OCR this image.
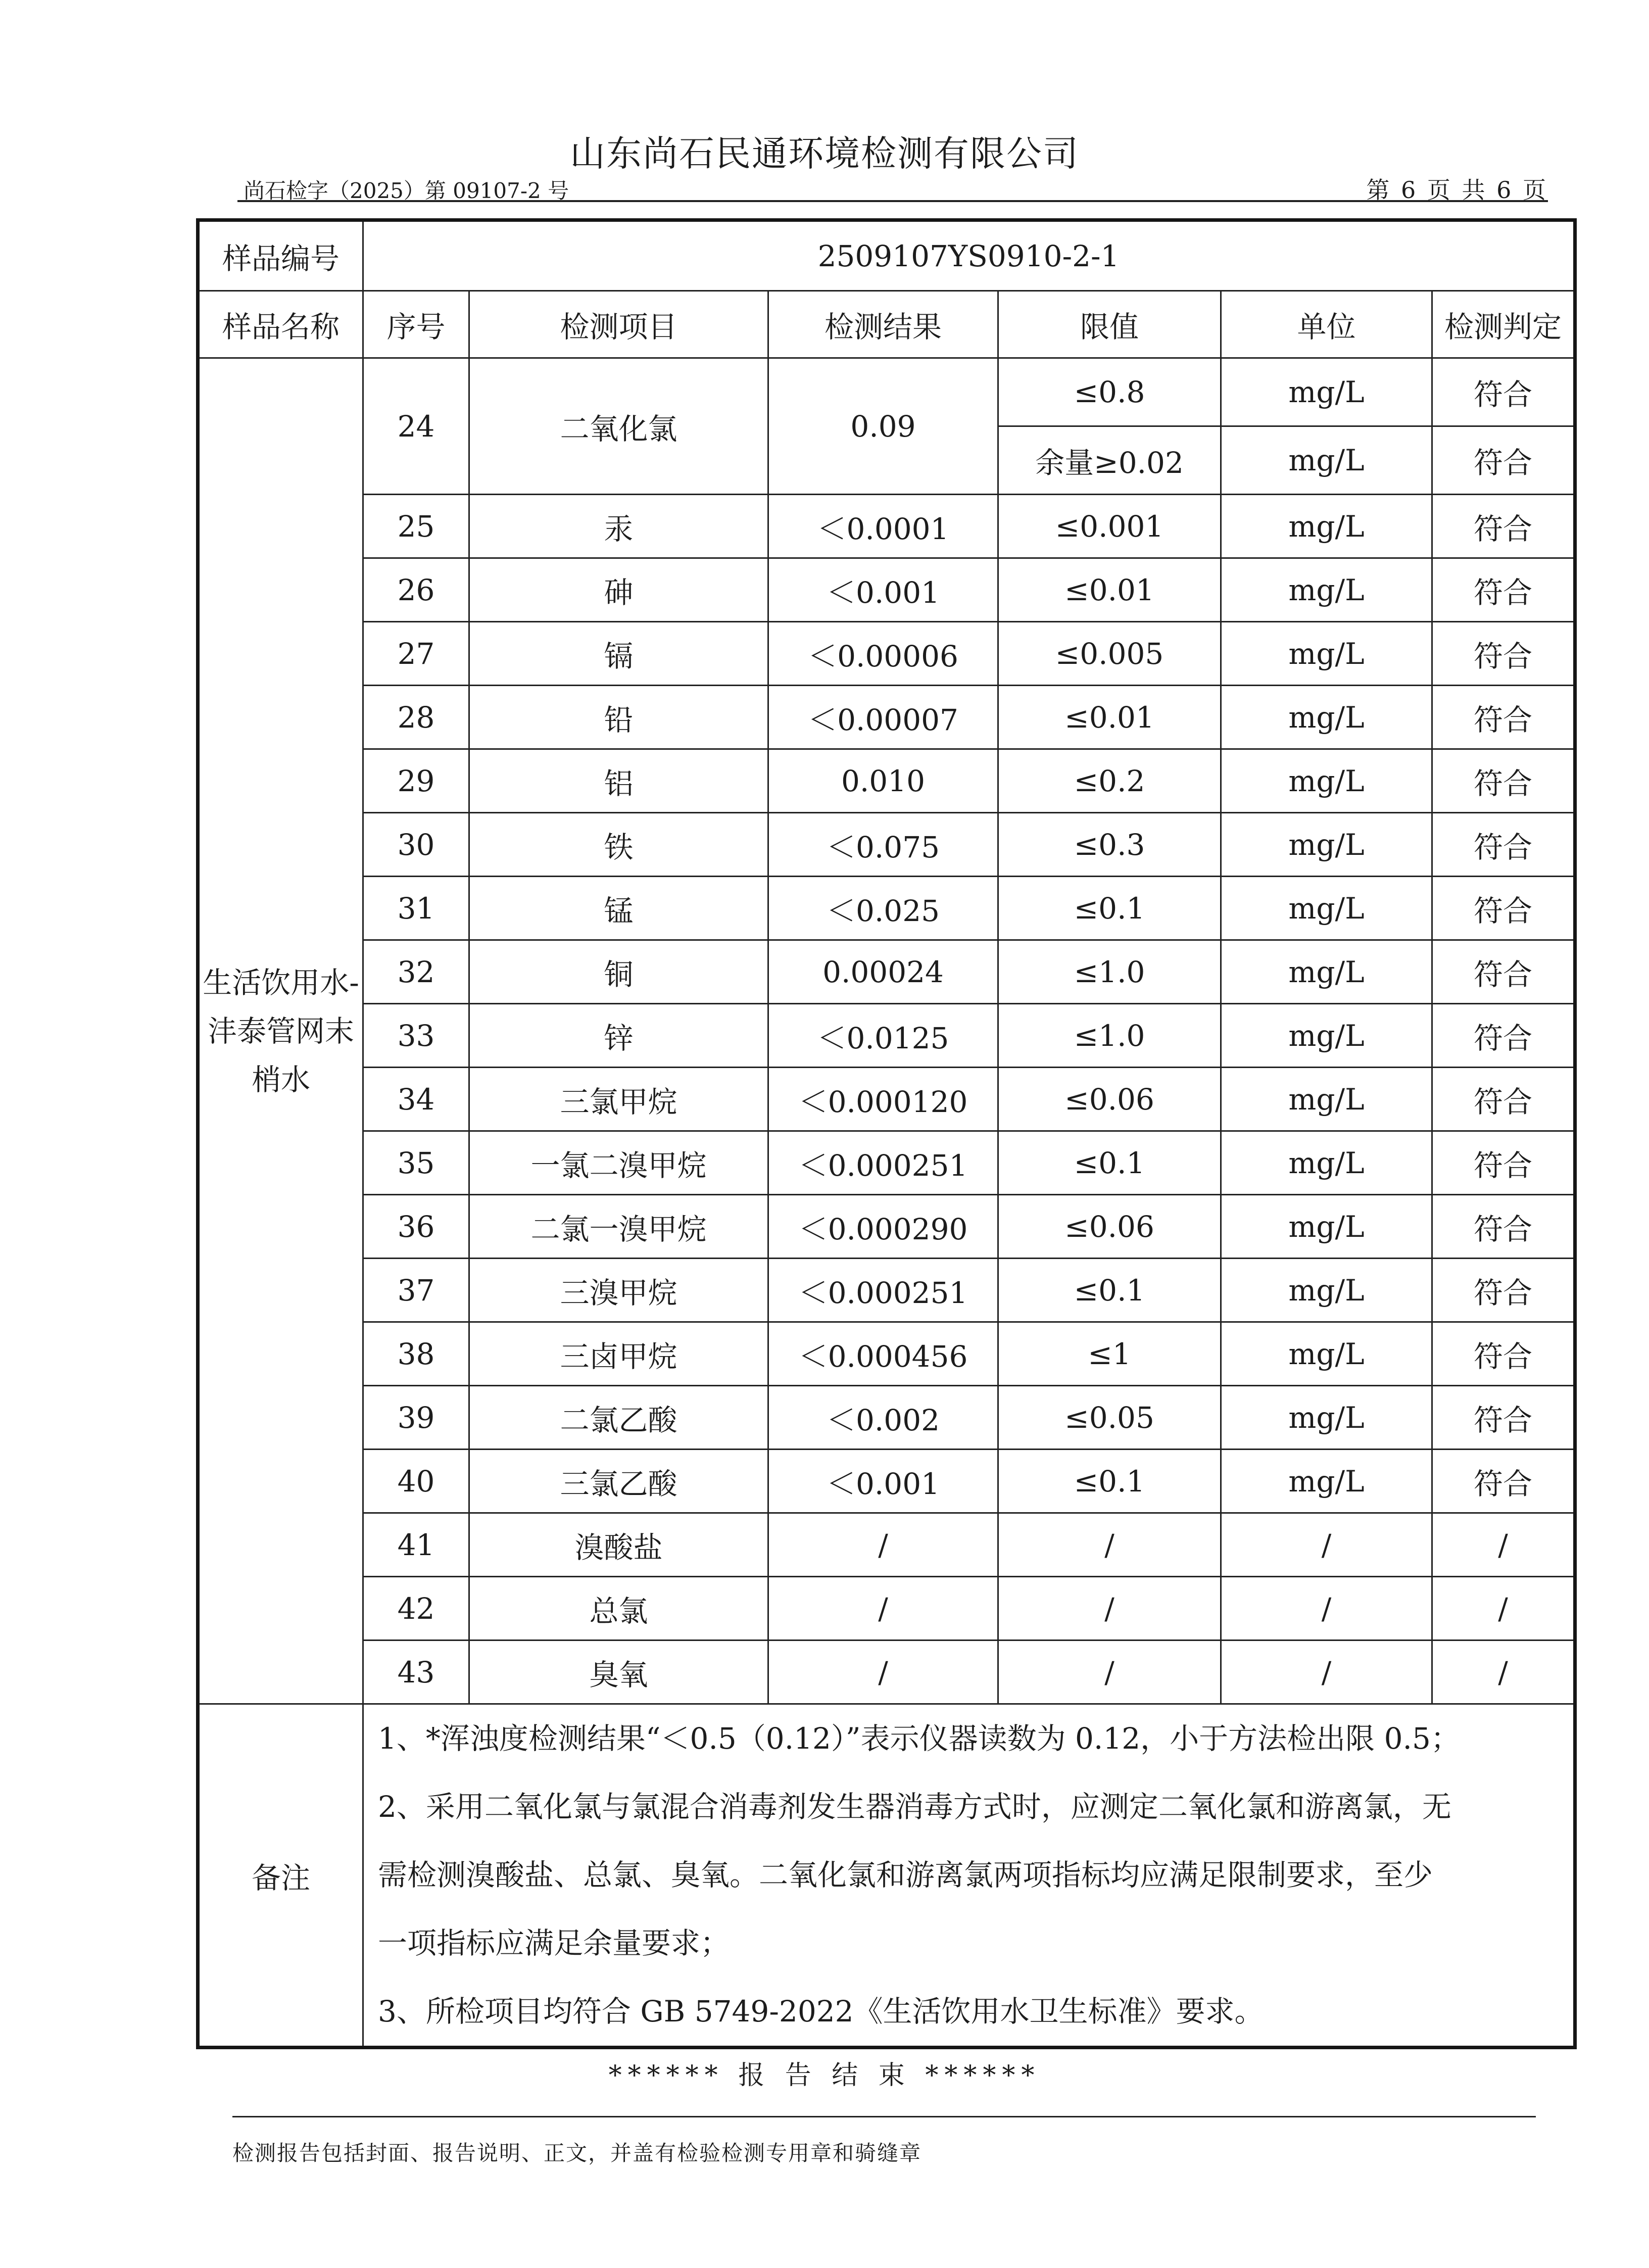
山东尚石民通环境检测有限公司
尚石检字（2025）第 09107-2 号	第 6 页 共 6 页
样品编号	2509107YS0910-2-1					
样品名称	序号	检测项目	检测结果	限值	单位	检测判定
生活饮用水-沣泰管网末梢水	24	二氧化氯	0.09	≤0.8	mg/L	符合
				余量≥0.02	mg/L	符合
	25	汞	＜0.0001	≤0.001	mg/L	符合
	26	砷	＜0.001	≤0.01	mg/L	符合
	27	镉	＜0.00006	≤0.005	mg/L	符合
	28	铅	＜0.00007	≤0.01	mg/L	符合
	29	铝	0.010	≤0.2	mg/L	符合
	30	铁	＜0.075	≤0.3	mg/L	符合
	31	锰	＜0.025	≤0.1	mg/L	符合
	32	铜	0.00024	≤1.0	mg/L	符合
	33	锌	＜0.0125	≤1.0	mg/L	符合
	34	三氯甲烷	＜0.000120	≤0.06	mg/L	符合
	35	一氯二溴甲烷	＜0.000251	≤0.1	mg/L	符合
	36	二氯一溴甲烷	＜0.000290	≤0.06	mg/L	符合
	37	三溴甲烷	＜0.000251	≤0.1	mg/L	符合
	38	三卤甲烷	＜0.000456	≤1	mg/L	符合
	39	二氯乙酸	＜0.002	≤0.05	mg/L	符合
	40	三氯乙酸	＜0.001	≤0.1	mg/L	符合
	41	溴酸盐	/	/	/	/
	42	总氯	/	/	/	/
	43	臭氧	/	/	/	/
备注	1、*浑浊度检测结果“＜0.5（0.12）”表示仪器读数为 0.12，小于方法检出限 0.5；
2、采用二氧化氯与氯混合消毒剂发生器消毒方式时，应测定二氧化氯和游离氯，无
需检测溴酸盐、总氯、臭氧。二氧化氯和游离氯两项指标均应满足限制要求，至少
一项指标应满足余量要求；
3、所检项目均符合 GB 5749-2022《生活饮用水卫生标准》要求。					
****** 报 告 结 束 ******
检测报告包括封面、报告说明、正文，并盖有检验检测专用章和骑缝章
